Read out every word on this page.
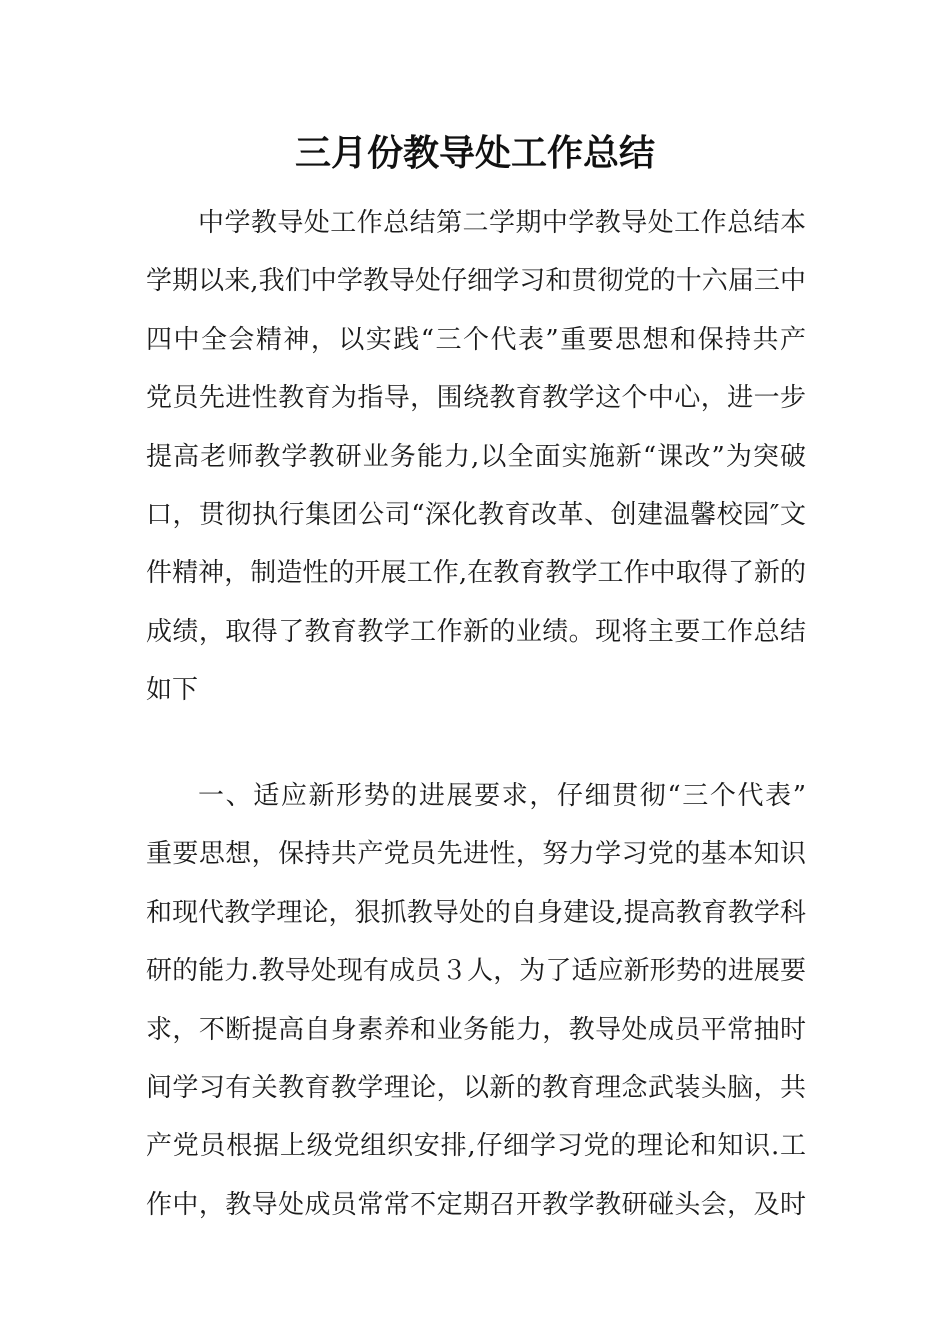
三月份教导处工作总结
中学教导处工作总结第二学期中学教导处工作总结本
学期以来,我们中学教导处仔细学习和贯彻党的十六届三中
四中全会精神，以实践“三个代表”重要思想和保持共产
党员先进性教育为指导，围绕教育教学这个中心，进一步
提高老师教学教研业务能力,以全面实施新“课改”为突破
口，贯彻执行集团公司“深化教育改革、创建温馨校园″文
件精神，制造性的开展工作,在教育教学工作中取得了新的
成绩，取得了教育教学工作新的业绩。现将主要工作总结
如下
一、适应新形势的进展要求，仔细贯彻“三个代表”
重要思想，保持共产党员先进性，努力学习党的基本知识
和现代教学理论，狠抓教导处的自身建设,提高教育教学科
研的能力.教导处现有成员３人，为了适应新形势的进展要
求，不断提高自身素养和业务能力，教导处成员平常抽时
间学习有关教育教学理论，以新的教育理念武装头脑，共
产党员根据上级党组织安排,仔细学习党的理论和知识.工
作中，教导处成员常常不定期召开教学教研碰头会，及时
